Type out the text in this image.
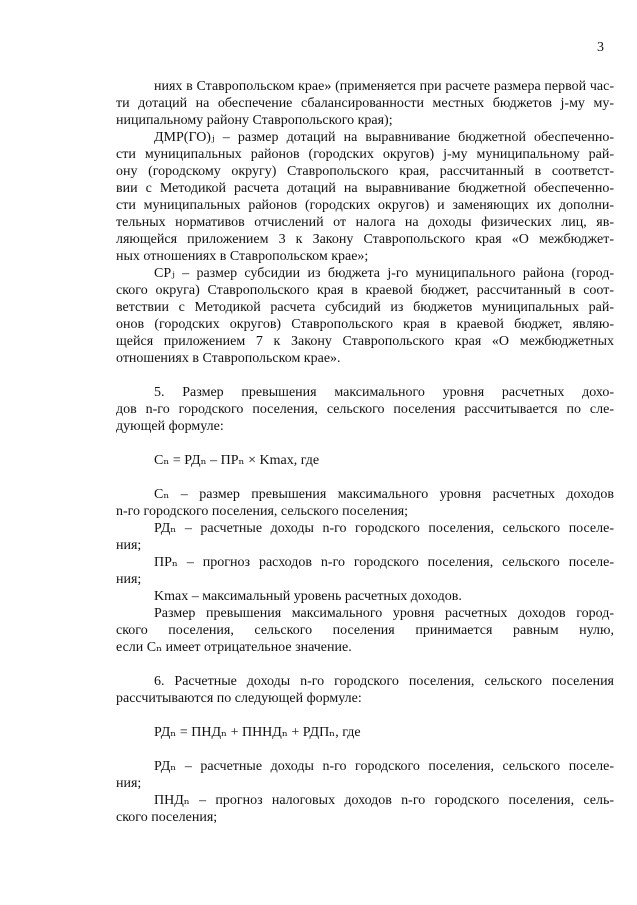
3
ниях в Ставропольском крае» (применяется при расчете размера первой час-
ти дотаций на обеспечение сбалансированности местных бюджетов j-му му-
ниципальному району Ставропольского края);
ДМР(ГО)ⱼ – размер дотаций на выравнивание бюджетной обеспеченно-
сти муниципальных районов (городских округов) j-му муниципальному рай-
ону (городскому округу) Ставропольского края, рассчитанный в соответст-
вии с Методикой расчета дотаций на выравнивание бюджетной обеспеченно-
сти муниципальных районов (городских округов) и заменяющих их дополни-
тельных нормативов отчислений от налога на доходы физических лиц, яв-
ляющейся приложением 3 к Закону Ставропольского края «О межбюджет-
ных отношениях в Ставропольском крае»;
СРⱼ – размер субсидии из бюджета j-го муниципального района (город-
ского округа) Ставропольского края в краевой бюджет, рассчитанный в соот-
ветствии с Методикой расчета субсидий из бюджетов муниципальных рай-
онов (городских округов) Ставропольского края в краевой бюджет, являю-
щейся приложением 7 к Закону Ставропольского края «О межбюджетных
отношениях в Ставропольском крае».
5. Размер превышения максимального уровня расчетных дохо-
дов n-го городского поселения, сельского поселения рассчитывается по сле-
дующей формуле:
Сₙ = РДₙ – ПРₙ × Kmax, где
Сₙ – размер превышения максимального уровня расчетных доходов
n-го городского поселения, сельского поселения;
РДₙ – расчетные доходы n-го городского поселения, сельского поселе-
ния;
ПРₙ – прогноз расходов n-го городского поселения, сельского поселе-
ния;
Kmax – максимальный уровень расчетных доходов.
Размер превышения максимального уровня расчетных доходов город-
ского поселения, сельского поселения принимается равным нулю,
если Сₙ имеет отрицательное значение.
6. Расчетные доходы n-го городского поселения, сельского поселения
рассчитываются по следующей формуле:
РДₙ = ПНДₙ + ПННДₙ + РДПₙ, где
РДₙ – расчетные доходы n-го городского поселения, сельского поселе-
ния;
ПНДₙ – прогноз налоговых доходов n-го городского поселения, сель-
ского поселения;
